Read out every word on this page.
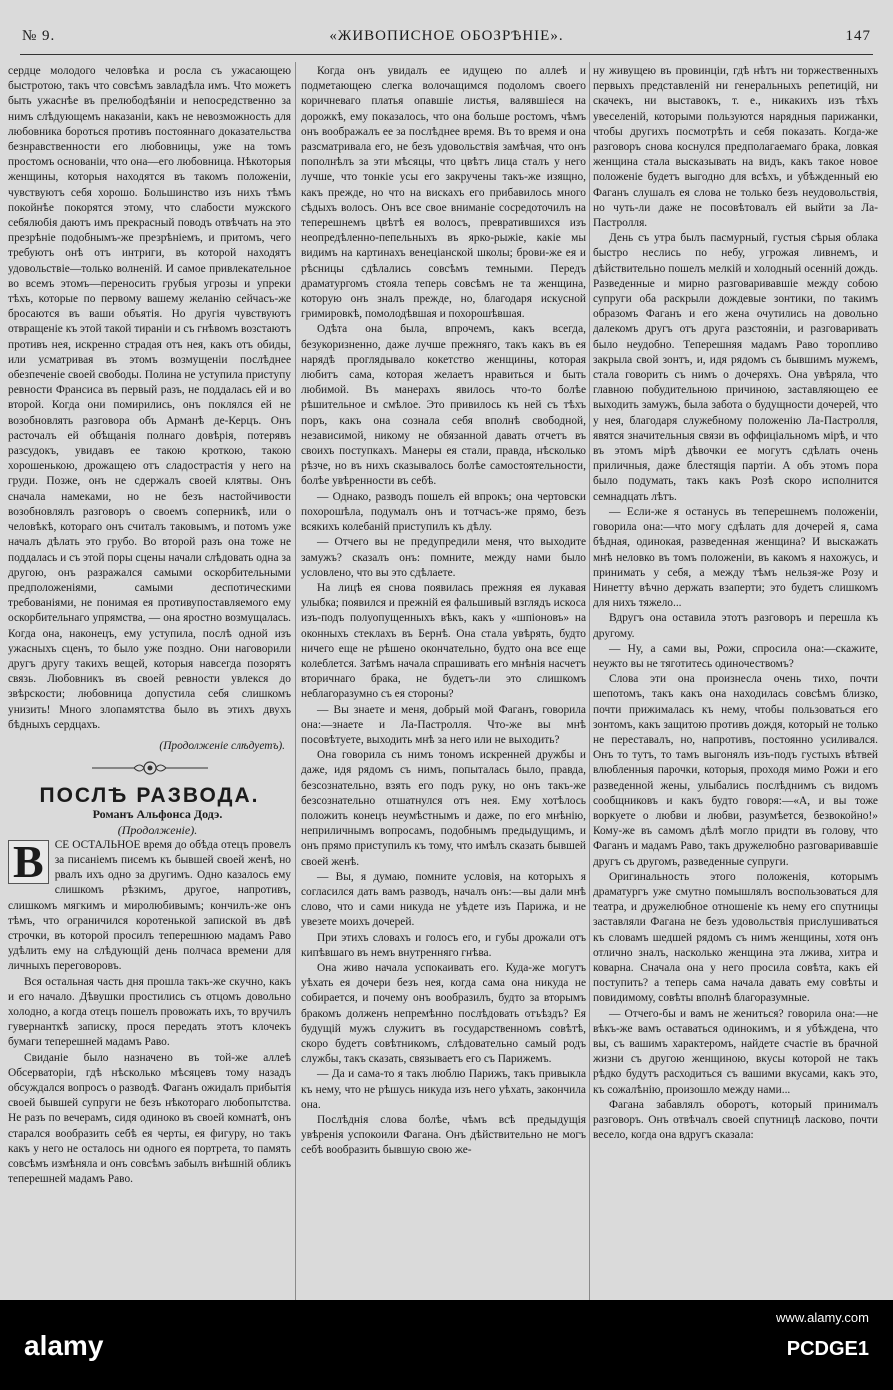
№ 9.	«ЖИВОПИСНОЕ ОБОЗРѢНІЕ».	147

сердце молодого человѣка и росла съ ужасающею быстротою, такъ что совсѣмъ завладѣла имъ. Что можетъ быть ужаснѣе въ прелюбодѣяніи и непосредственно за нимъ слѣдующемъ наказаніи, какъ не невозможность для любовника бороться противъ постояннаго доказательства безнравственности его любовницы, уже на томъ простомъ основаніи, что она—его любовница. Нѣкоторыя женщины, которыя находятся въ такомъ положеніи, чувствуютъ себя хорошо. Большинство изъ нихъ тѣмъ покойнѣе покорятся этому, что слабости мужского себялюбія даютъ имъ прекрасный поводъ отвѣчать на это презрѣніе подобнымъ-же презрѣніемъ, и притомъ, чего требуютъ онѣ отъ интриги, въ которой находятъ удовольствіе—только волненій. И самое привлекательное во всемъ этомъ—переносить грубыя угрозы и упреки тѣхъ, которые по первому вашему желанію сейчасъ-же бросаются въ ваши объятія. Но другія чувствуютъ отвращеніе къ этой такой тираніи и съ гнѣвомъ возстаютъ противъ нея, искренно страдая отъ нея, какъ отъ обиды, или усматривая въ этомъ возмущеніи послѣднее обезпеченіе своей свободы. Полина не уступила приступу ревности Франсиса въ первый разъ, не поддалась ей и во второй. Когда они помирились, онъ поклялся ей не возобновлять разговора объ Арманѣ де-Керцъ. Онъ расточалъ ей обѣщанія полнаго довѣрія, потерявъ разсудокъ, увидавъ ее такою кроткою, такою хорошенькою, дрожащею отъ сладострастія у него на груди. Позже, онъ не сдержалъ своей клятвы. Онъ сначала намеками, но не безъ настойчивости возобновлялъ разговоръ о своемъ соперникѣ, или о человѣкѣ, котораго онъ считалъ таковымъ, и потомъ уже началъ дѣлать это грубо. Во второй разъ она тоже не поддалась и съ этой поры сцены начали слѣдовать одна за другою, онъ разражался самыми оскорбительными предположеніями, самыми деспотическими требованіями, не понимая ея противупоставляемого ему оскорбительнаго упрямства, — она яростно возмущалась. Когда она, наконецъ, ему уступила, послѣ одной изъ ужасныхъ сценъ, то было уже поздно. Они наговорили другъ другу такихъ вещей, которыя навсегда позорятъ связь. Любовникъ въ своей ревности увлекся до звѣрскости; любовница допустила себя слишкомъ унизить! Много злопамятства было въ этихъ двухъ бѣдныхъ сердцахъ.

(Продолженіе слѣдуетъ).

ПОСЛѢ РАЗВОДА.

Романъ Альфонса Додэ.

(Продолженіе).

В СЕ ОСТАЛЬНОЕ время до обѣда отецъ провелъ за писаніемъ писемъ къ бывшей своей женѣ, но рвалъ ихъ одно за другимъ. Одно казалось ему слишкомъ рѣзкимъ, другое, напротивъ, слишкомъ мягкимъ и миролюбивымъ; кончилъ-же онъ тѣмъ, что ограничился коротенькой запиской въ двѣ строчки, въ которой просилъ теперешнюю мадамъ Раво удѣлить ему на слѣдующій день полчаса времени для личныхъ переговоровъ.

Вся остальная часть дня прошла такъ-же скучно, какъ и его начало. Дѣвушки простились съ отцомъ довольно холодно, а когда отецъ пошелъ провожать ихъ, то вручилъ гувернанткѣ записку, прося передать этотъ клочекъ бумаги теперешней мадамъ Раво.

Свиданіе было назначено въ той-же аллеѣ Обсерваторіи, гдѣ нѣсколько мѣсяцевъ тому назадъ обсуждался вопросъ о разводѣ. Фаганъ ожидалъ прибытія своей бывшей супруги не безъ нѣкотораго любопытства. Не разъ по вечерамъ, сидя одиноко въ своей комнатѣ, онъ старался вообразить себѣ ея черты, ея фигуру, но такъ какъ у него не осталось ни одного ея портрета, то память совсѣмъ измѣняла и онъ совсѣмъ забылъ внѣшній обликъ теперешней мадамъ Раво.

Когда онъ увидалъ ее идущею по аллеѣ и подметающею слегка волочащимся подоломъ своего коричневаго платья опавшіе листья, валявшіеся на дорожкѣ, ему показалось, что она больше ростомъ, чѣмъ онъ воображалъ ее за послѣднее время. Въ то время и она разсматривала его, не безъ удовольствія замѣчая, что онъ пополнѣлъ за эти мѣсяцы, что цвѣтъ лица сталъ у него лучше, что тонкіе усы его закручены такъ-же изящно, какъ прежде, но что на вискахъ его прибавилось много сѣдыхъ волосъ. Онъ все свое вниманіе сосредоточилъ на теперешнемъ цвѣтѣ ея волосъ, превратившихся изъ неопредѣленно-пепельныхъ въ ярко-рыжіе, какіе мы видимъ на картинахъ венеціанской школы; брови-же ея и рѣсницы сдѣлались совсѣмъ темными. Передъ драматургомъ стояла теперь совсѣмъ не та женщина, которую онъ зналъ прежде, но, благодаря искусной гримировкѣ, помолодѣвшая и похорошѣвшая.

Одѣта она была, впрочемъ, какъ всегда, безукоризненно, даже лучше прежняго, такъ какъ въ ея нарядѣ проглядывало кокетство женщины, которая любитъ сама, которая желаетъ нравиться и быть любимой. Въ манерахъ явилось что-то болѣе рѣшительное и смѣлое. Это привилось къ ней съ тѣхъ поръ, какъ она сознала себя вполнѣ свободной, независимой, никому не обязанной давать отчетъ въ своихъ поступкахъ. Манеры ея стали, правда, нѣсколько рѣзче, но въ нихъ сказывалось болѣе самостоятельности, болѣе увѣренности въ себѣ.

— Однако, разводъ пошелъ ей впрокъ; она чертовски похорошѣла, подумалъ онъ и тотчасъ-же прямо, безъ всякихъ колебаній приступилъ къ дѣлу.

— Отчего вы не предупредили меня, что выходите замужъ? сказалъ онъ: помните, между нами было условлено, что вы это сдѣлаете.

На лицѣ ея снова появилась прежняя ея лукавая улыбка; появился и прежній ея фальшивый взглядъ искоса изъ-подъ полуопущенныхъ вѣкъ, какъ у «шпіоновъ» на оконныхъ стеклахъ въ Бернѣ. Она стала увѣрять, будто ничего еще не рѣшено окончательно, будто она все еще колеблется. Затѣмъ начала спрашивать его мнѣнія насчетъ вторичнаго брака, не будетъ-ли это слишкомъ неблагоразумно съ ея стороны?

— Вы знаете и меня, добрый мой Фаганъ, говорила она:—знаете и Ла-Пастролля. Что-же вы мнѣ посовѣтуете, выходить мнѣ за него или не выходить?

Она говорила съ нимъ тономъ искренней дружбы и даже, идя рядомъ съ нимъ, попыталась было, правда, безсознательно, взять его подъ руку, но онъ такъ-же безсознательно отшатнулся отъ нея. Ему хотѣлось положить конецъ неумѣстнымъ и даже, по его мнѣнію, неприличнымъ вопросамъ, подобнымъ предыдущимъ, и онъ прямо приступилъ къ тому, что имѣлъ сказать бывшей своей женѣ.

— Вы, я думаю, помните условія, на которыхъ я согласился дать вамъ разводъ, началъ онъ:—вы дали мнѣ слово, что и сами никуда не уѣдете изъ Парижа, и не увезете моихъ дочерей.

При этихъ словахъ и голосъ его, и губы дрожали отъ кипѣвшаго въ немъ внутренняго гнѣва.

Она живо начала успокаивать его. Куда-же могутъ уѣхать ея дочери безъ нея, когда сама она никуда не собирается, и почему онъ вообразилъ, будто за вторымъ бракомъ долженъ непремѣнно послѣдовать отъѣздъ? Ея будущій мужъ служитъ въ государственномъ совѣтѣ, скоро будетъ совѣтникомъ, слѣдовательно самый родъ службы, такъ сказать, связываетъ его съ Парижемъ.

— Да и сама-то я такъ люблю Парижъ, такъ привыкла къ нему, что не рѣшусь никуда изъ него уѣхать, закончила она.

Послѣднія слова болѣе, чѣмъ всѣ предыдущія увѣренія успокоили Фагана. Онъ дѣйствительно не могъ себѣ вообразить бывшую свою же-

ну живущею въ провинціи, гдѣ нѣтъ ни торжественныхъ первыхъ представленій ни генеральныхъ репетицій, ни скачекъ, ни выставокъ, т. е., никакихъ изъ тѣхъ увеселеній, которыми пользуются нарядныя парижанки, чтобы другихъ посмотрѣть и себя показать. Когда-же разговоръ снова коснулся предполагаемаго брака, ловкая женщина стала высказывать на видъ, какъ такое новое положеніе будетъ выгодно для всѣхъ, и убѣжденный ею Фаганъ слушалъ ея слова не только безъ неудовольствія, но чуть-ли даже не посовѣтовалъ ей выйти за Ла-Пастролля.

День съ утра былъ пасмурный, густыя сѣрыя облака быстро неслись по небу, угрожая ливнемъ, и дѣйствительно пошелъ мелкій и холодный осенній дождь. Разведенные и мирно разговаривавшіе между собою супруги оба раскрыли дождевые зонтики, по такимъ образомъ Фаганъ и его жена очутились на довольно далекомъ другъ отъ друга разстояніи, и разговаривать было неудобно. Теперешняя мадамъ Раво торопливо закрыла свой зонтъ, и, идя рядомъ съ бывшимъ мужемъ, стала говорить съ нимъ о дочеряхъ. Она увѣряла, что главною побудительною причиною, заставляющею ее выходить замужъ, была забота о будущности дочерей, что у нея, благодаря служебному положенію Ла-Пастролля, явятся значительныя связи въ оффиціальномъ мірѣ, и что въ этомъ мірѣ дѣвочки ее могутъ сдѣлать очень приличныя, даже блестящія партіи. А объ этомъ пора было подумать, такъ какъ Розѣ скоро исполнится семнадцать лѣтъ.

— Если-же я останусь въ теперешнемъ положеніи, говорила она:—что могу сдѣлать для дочерей я, сама бѣдная, одинокая, разведенная женщина? И выскажать мнѣ неловко въ томъ положеніи, въ какомъ я нахожусь, и принимать у себя, а между тѣмъ нельзя-же Розу и Нинетту вѣчно держать взаперти; это будетъ слишкомъ для нихъ тяжело...

Вдругъ она оставила этотъ разговоръ и перешла къ другому.

— Ну, а сами вы, Рожи, спросила она:—скажите, неужто вы не тяготитесь одиночествомъ?

Слова эти она произнесла очень тихо, почти шепотомъ, такъ какъ она находилась совсѣмъ близко, почти прижималась къ нему, чтобы пользоваться его зонтомъ, какъ защитою противъ дождя, который не только не переставалъ, но, напротивъ, постоянно усиливался. Онъ то тутъ, то тамъ выгонялъ изъ-подъ густыхъ вѣтвей влюбленныя парочки, которыя, проходя мимо Рожи и его разведенной жены, улыбались послѣднимъ съ видомъ сообщниковъ и какъ будто говоря:—«А, и вы тоже воркуете о любви и любви, разумѣется, безвокойно!» Кому-же въ самомъ дѣлѣ могло придти въ голову, что Фаганъ и мадамъ Раво, такъ дружелюбно разговаривавшіе другъ съ другомъ, разведенные супруги.

Оригинальность этого положенія, которымъ драматургъ уже смутно помышлялъ воспользоваться для театра, и дружелюбное отношеніе къ нему его спутницы заставляли Фагана не безъ удовольствія прислушиваться къ словамъ шедшей рядомъ съ нимъ женщины, хотя онъ отлично зналъ, насколько женщина эта лжива, хитра и коварна. Сначала она у него просила совѣта, какъ ей поступить? а теперь сама начала давать ему совѣты и повидимому, совѣты вполнѣ благоразумные.

— Отчего-бы и вамъ не жениться? говорила она:—не вѣкъ-же вамъ оставаться одинокимъ, и я убѣждена, что вы, съ вашимъ характеромъ, найдете счастіе въ брачной жизни съ другою женщиною, вкусы которой не такъ рѣдко будутъ расходиться съ вашими вкусами, какъ это, къ сожалѣнію, произошло между нами...

Фагана забавлялъ оборотъ, который принималъ разговоръ. Онъ отвѣчалъ своей спутницѣ ласково, почти весело, когда она вдругъ сказала:

alamy
www.alamy.com
PCDGE1
